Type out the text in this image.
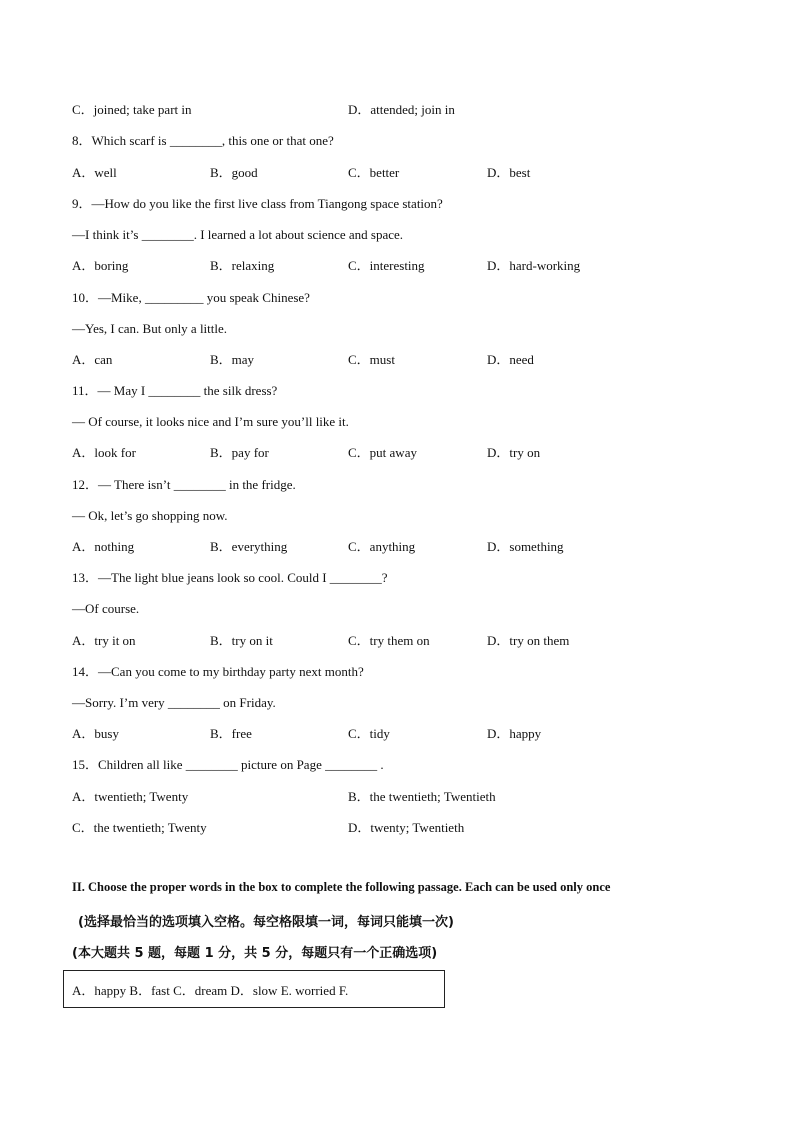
C．joined; take part in	D．attended; join in
8．Which scarf is ________, this one or that one?
A．well	B．good	C．better	D．best
9．—How do you like the first live class from Tiangong space station?
—I think it’s ________. I learned a lot about science and space.
A．boring	B．relaxing	C．interesting	D．hard-working
10．—Mike, _________ you speak Chinese?
—Yes, I can. But only a little.
A．can	B．may	C．must	D．need
11．— May I ________ the silk dress?
— Of course, it looks nice and I’m sure you’ll like it.
A．look for	B．pay for	C．put away	D．try on
12．— There isn’t ________ in the fridge.
— Ok, let’s go shopping now.
A．nothing	B．everything	C．anything	D．something
13．—The light blue jeans look so cool. Could I ________?
—Of course.
A．try it on	B．try on it	C．try them on	D．try on them
14．—Can you come to my birthday party next month?
—Sorry. I’m very ________ on Friday.
A．busy	B．free	C．tidy	D．happy
15．Children all like ________ picture on Page ________ .
A．twentieth; Twenty	B．the twentieth; Twentieth
C．the twentieth; Twenty	D．twenty; Twentieth
II. Choose the proper words in the box to complete the following passage. Each can be used only once
(选择最恰当的选项填入空格。每空格限填一词，每词只能填一次)
(本大题共 5 题，每题 1 分，共 5 分，每题只有一个正确选项)
A．happy B．fast C．dream D．slow E. worried F.
